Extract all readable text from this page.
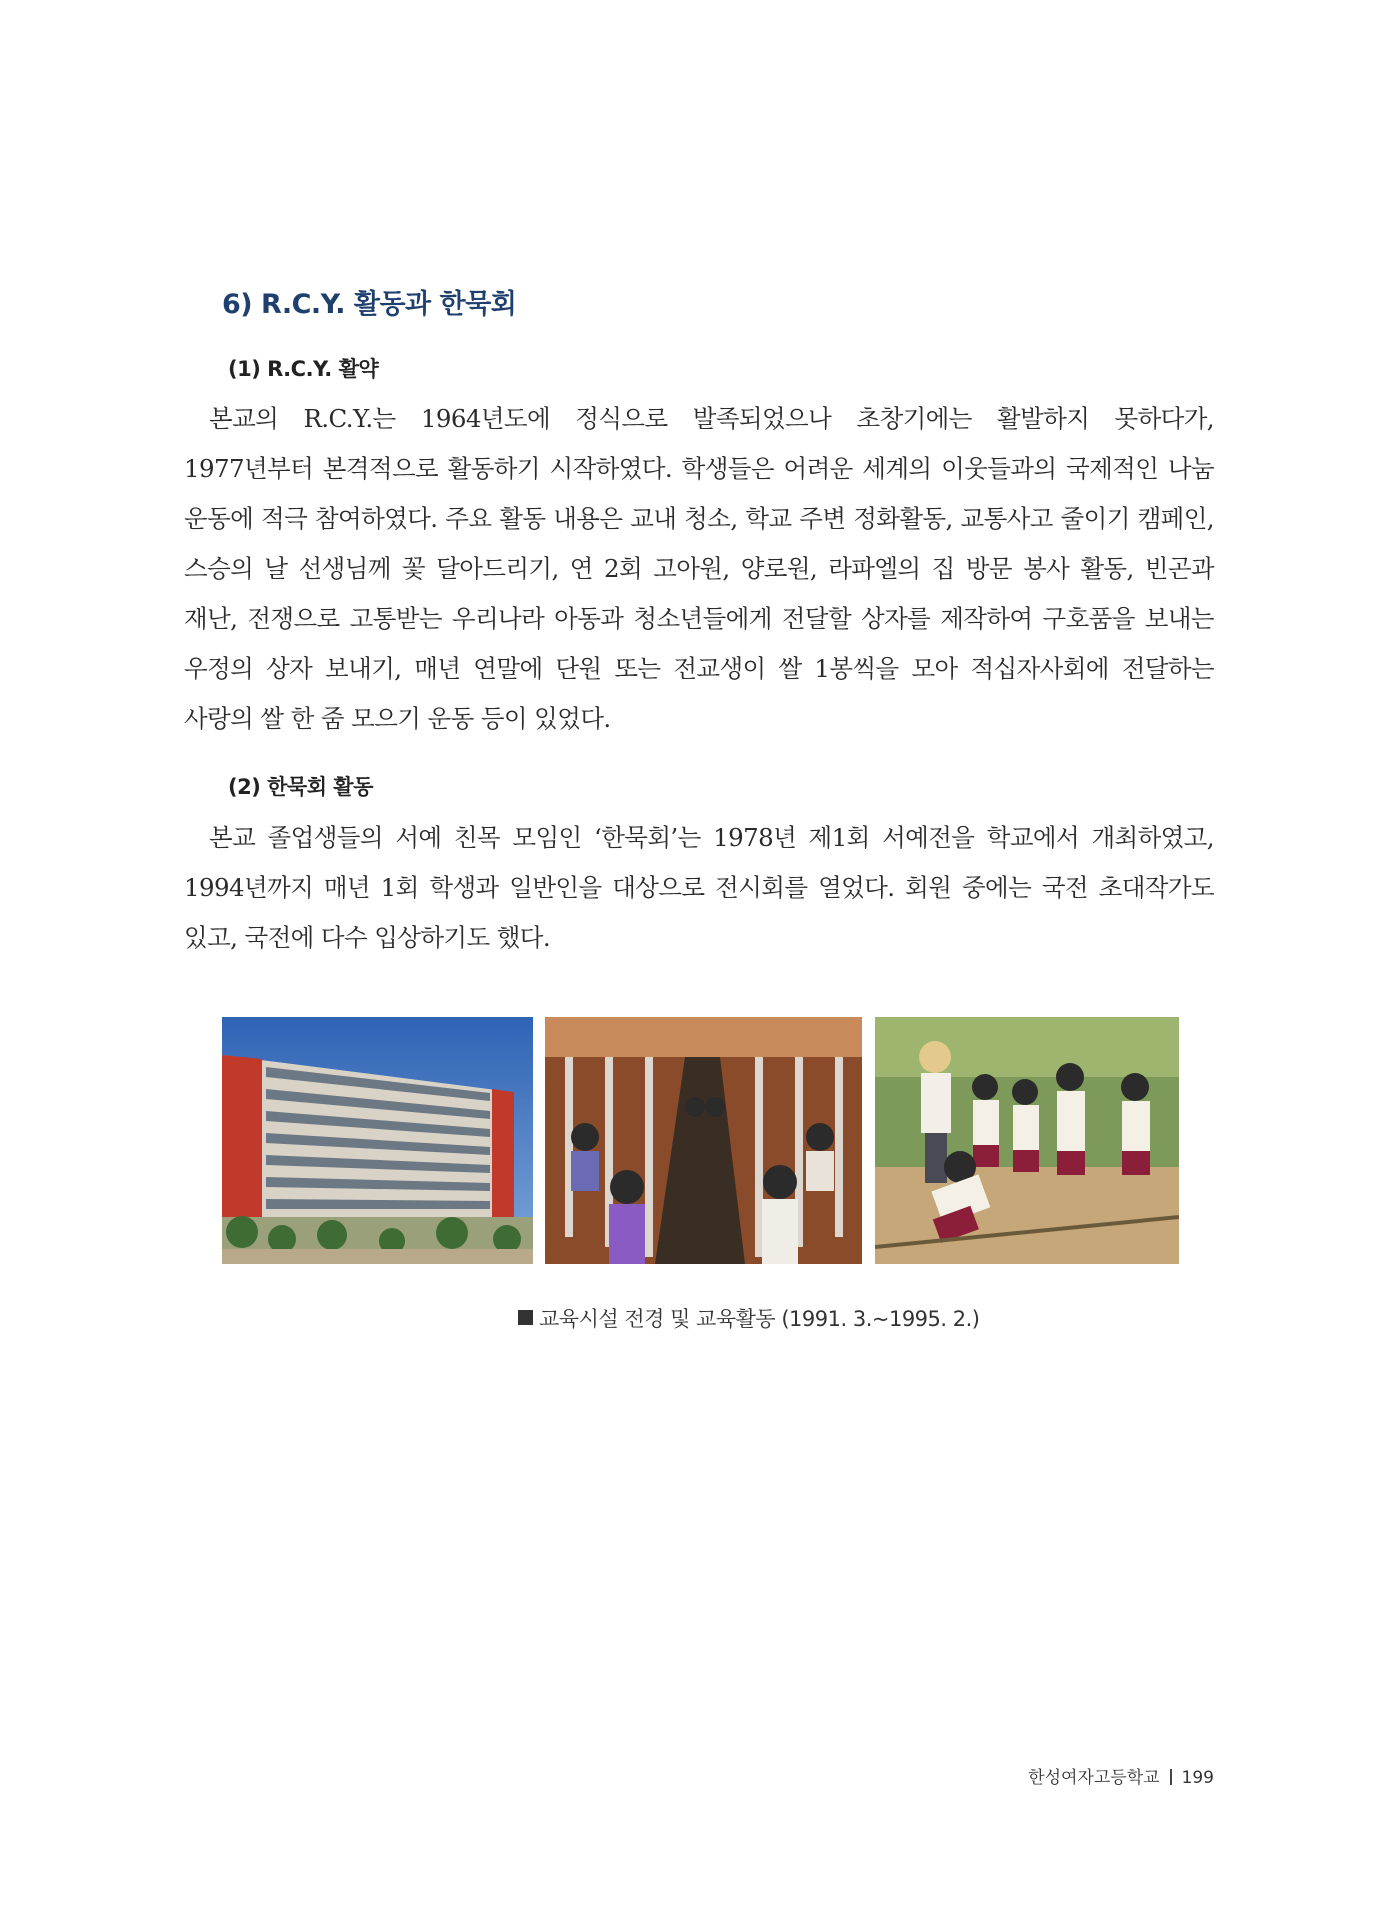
6) R.C.Y. 활동과 한묵회
(1) R.C.Y. 활약
본교의 R.C.Y.는 1964년도에 정식으로 발족되었으나 초창기에는 활발하지 못하다가, 1977년부터 본격적으로 활동하기 시작하였다. 학생들은 어려운 세계의 이웃들과의 국제적인 나눔 운동에 적극 참여하였다. 주요 활동 내용은 교내 청소, 학교 주변 정화활동, 교통사고 줄이기 캠페인, 스승의 날 선생님께 꽃 달아드리기, 연 2회 고아원, 양로원, 라파엘의 집 방문 봉사 활동, 빈곤과 재난, 전쟁으로 고통받는 우리나라 아동과 청소년들에게 전달할 상자를 제작하여 구호품을 보내는 우정의 상자 보내기, 매년 연말에 단원 또는 전교생이 쌀 1봉씩을 모아 적십자사회에 전달하는 사랑의 쌀 한 줌 모으기 운동 등이 있었다.
(2) 한묵회 활동
본교 졸업생들의 서예 친목 모임인 ‘한묵회’는 1978년 제1회 서예전을 학교에서 개최하였고, 1994년까지 매년 1회 학생과 일반인을 대상으로 전시회를 열었다. 회원 중에는 국전 초대작가도 있고, 국전에 다수 입상하기도 했다.
교육시설 전경 및 교육활동 (1991. 3.~1995. 2.)
한성여자고등학교 199
